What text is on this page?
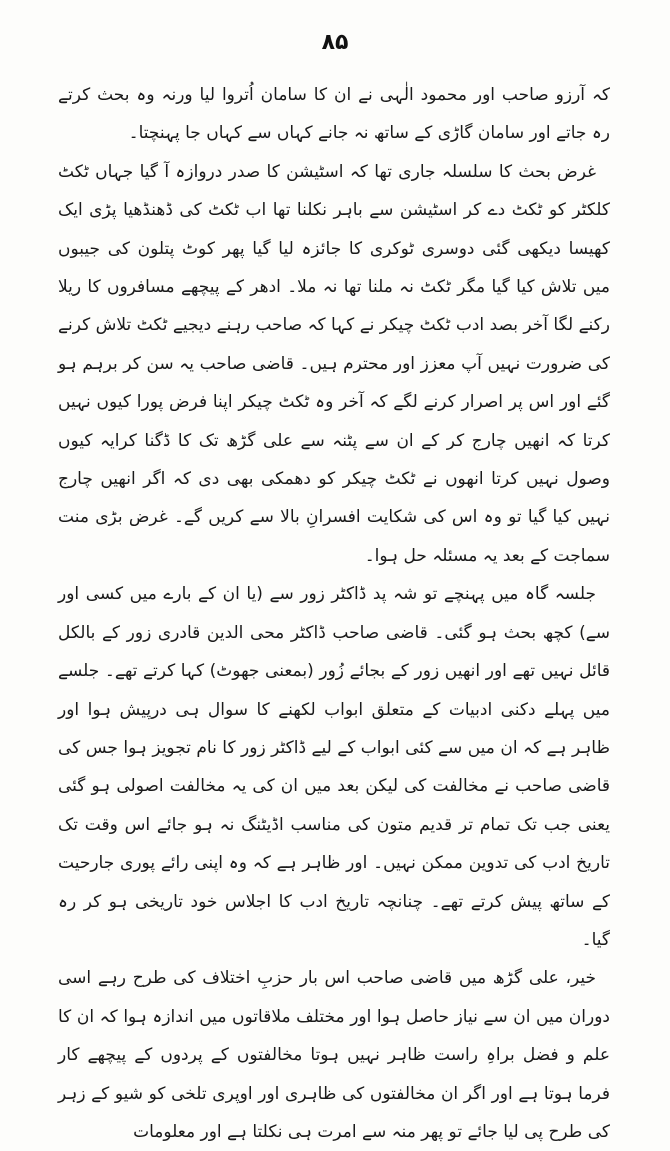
۸۵

کہ آرزو صاحب اور محمود الٰہی نے ان کا سامان اُتروا لیا ورنہ وہ بحث کرتے رہ جاتے اور سامان گاڑی کے ساتھ نہ جانے کہاں سے کہاں جا پہنچتا۔

غرض بحث کا سلسلہ جاری تھا کہ اسٹیشن کا صدر دروازہ آ گیا جہاں ٹکٹ کلکٹر کو ٹکٹ دے کر اسٹیشن سے باہر نکلنا تھا اب ٹکٹ کی ڈھنڈھیا پڑی ایک کھیسا دیکھی گئی دوسری ٹوکری کا جائزہ لیا گیا پھر کوٹ پتلون کی جیبوں میں تلاش کیا گیا مگر ٹکٹ نہ ملنا تھا نہ ملا۔ ادھر کے پیچھے مسافروں کا ریلا رکنے لگا آخر بصد ادب ٹکٹ چیکر نے کہا کہ صاحب رہنے دیجیے ٹکٹ تلاش کرنے کی ضرورت نہیں آپ معزز اور محترم ہیں۔ قاضی صاحب یہ سن کر برہم ہو گئے اور اس پر اصرار کرنے لگے کہ آخر وہ ٹکٹ چیکر اپنا فرض پورا کیوں نہیں کرتا کہ انھیں چارج کر کے ان سے پٹنہ سے علی گڑھ تک کا ڈگنا کرایہ کیوں وصول نہیں کرتا انھوں نے ٹکٹ چیکر کو دھمکی بھی دی کہ اگر انھیں چارج نہیں کیا گیا تو وہ اس کی شکایت افسرانِ بالا سے کریں گے۔ غرض بڑی منت سماجت کے بعد یہ مسئلہ حل ہوا۔

جلسہ گاہ میں پہنچے تو شہ پد ڈاکٹر زور سے (یا ان کے بارے میں کسی اور سے) کچھ بحث ہو گئی۔ قاضی صاحب ڈاکٹر محی الدین قادری زور کے بالکل قائل نہیں تھے اور انھیں زور کے بجائے زُور (بمعنی جھوٹ) کہا کرتے تھے۔ جلسے میں پہلے دکنی ادبیات کے متعلق ابواب لکھنے کا سوال ہی درپیش ہوا اور ظاہر ہے کہ ان میں سے کئی ابواب کے لیے ڈاکٹر زور کا نام تجویز ہوا جس کی قاضی صاحب نے مخالفت کی لیکن بعد میں ان کی یہ مخالفت اصولی ہو گئی یعنی جب تک تمام تر قدیم متون کی مناسب اڈیٹنگ نہ ہو جائے اس وقت تک تاریخ ادب کی تدوین ممکن نہیں۔ اور ظاہر ہے کہ وہ اپنی رائے پوری جارحیت کے ساتھ پیش کرتے تھے۔ چنانچہ تاریخ ادب کا اجلاس خود تاریخی ہو کر رہ گیا۔

خیر، علی گڑھ میں قاضی صاحب اس بار حزبِ اختلاف کی طرح رہے اسی دوران میں ان سے نیاز حاصل ہوا اور مختلف ملاقاتوں میں اندازہ ہوا کہ ان کا علم و فضل براہِ راست ظاہر نہیں ہوتا مخالفتوں کے پردوں کے پیچھے کار فرما ہوتا ہے اور اگر ان مخالفتوں کی ظاہری اور اوپری تلخی کو شیو کے زہر کی طرح پی لیا جائے تو پھر منہ سے امرت ہی نکلتا ہے اور معلومات
